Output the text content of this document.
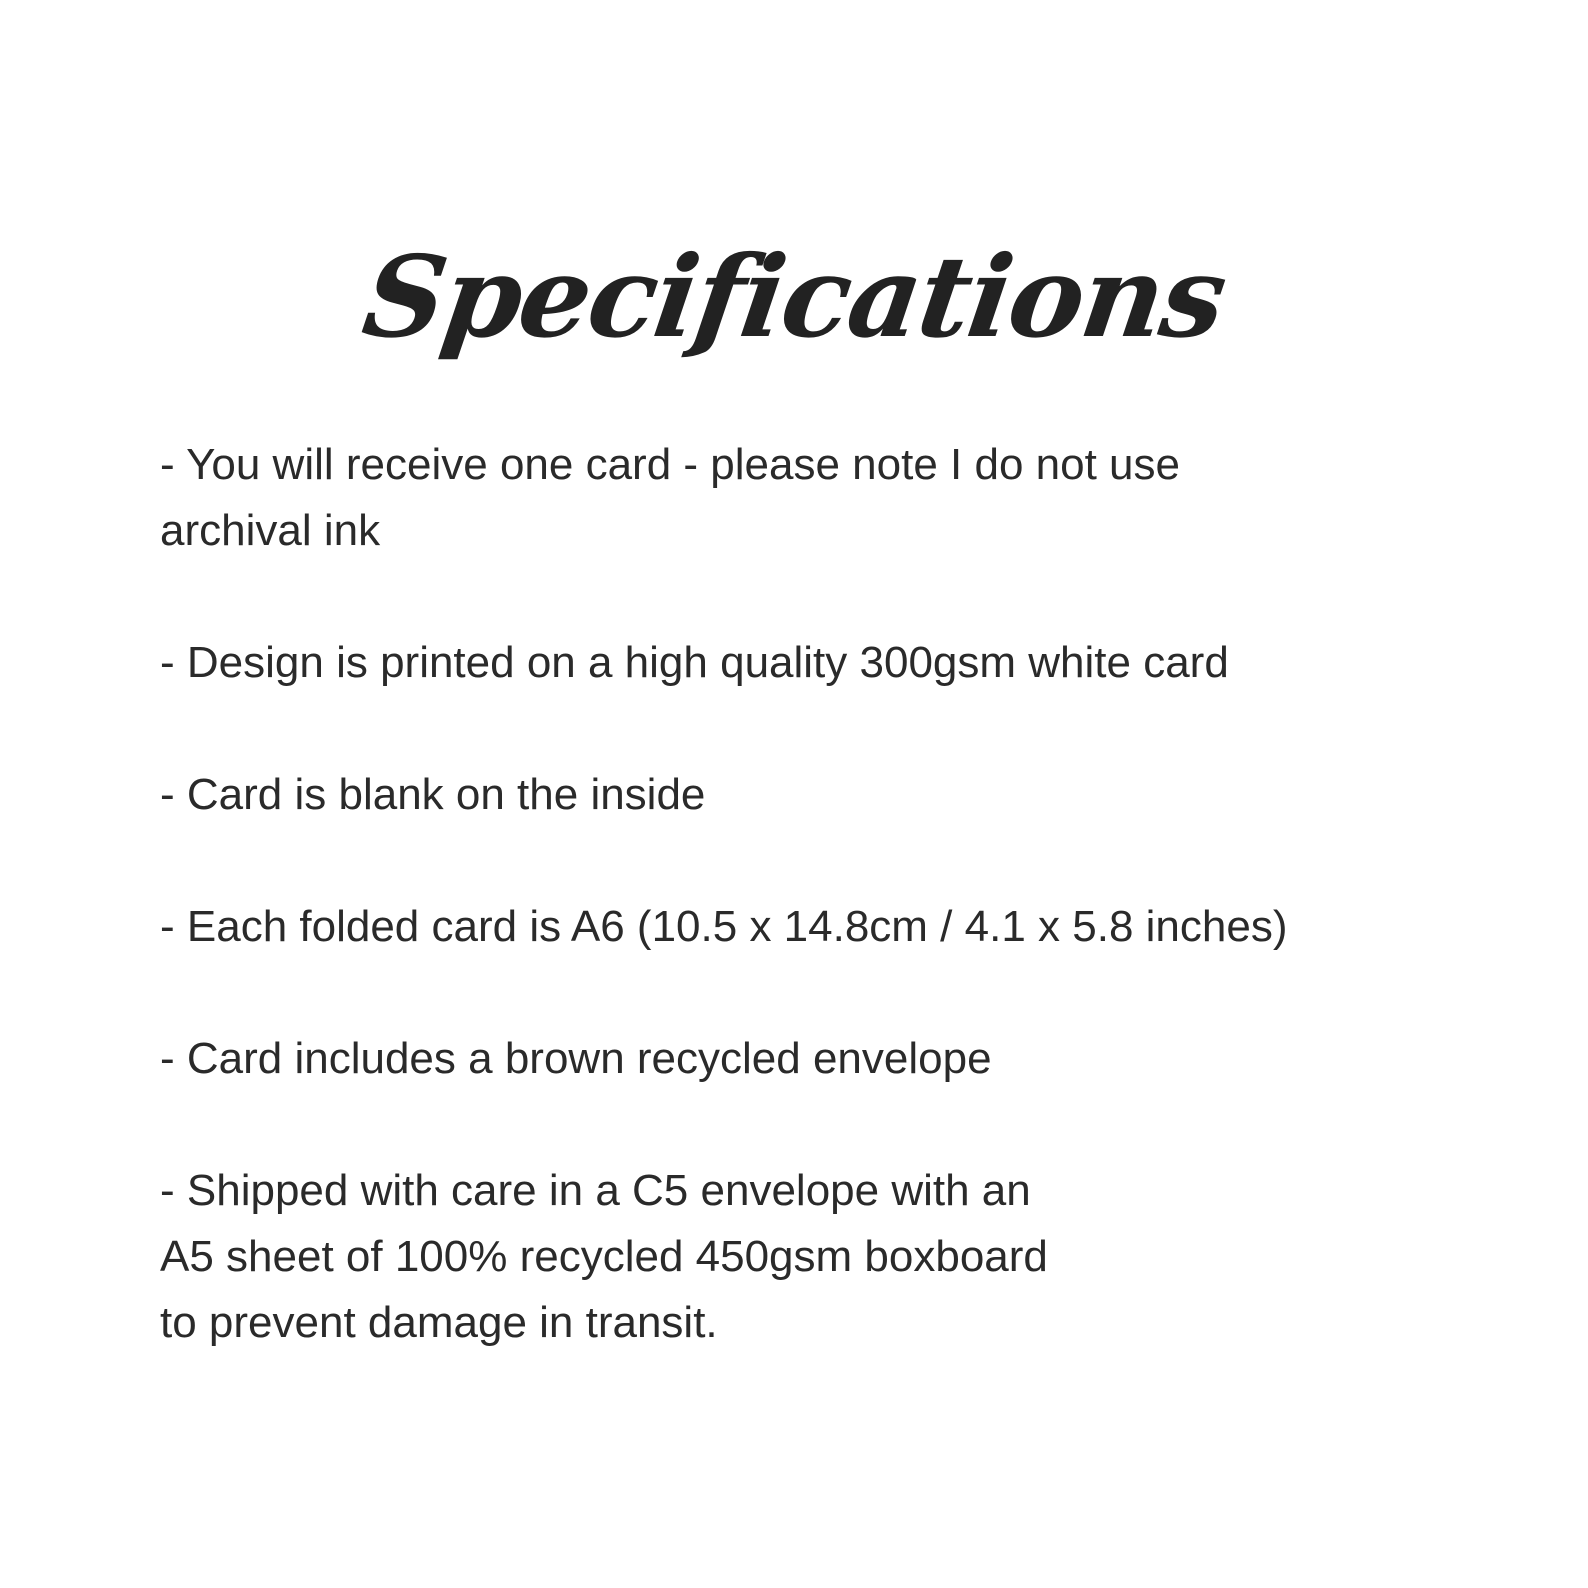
Specifications
- You will receive one card - please note I do not use
archival ink
- Design is printed on a high quality 300gsm white card
- Card is blank on the inside
- Each folded card is A6 (10.5 x 14.8cm / 4.1 x 5.8 inches)
- Card includes a brown recycled envelope
- Shipped with care in a C5 envelope with an
A5 sheet of 100% recycled 450gsm boxboard
to prevent damage in transit.
